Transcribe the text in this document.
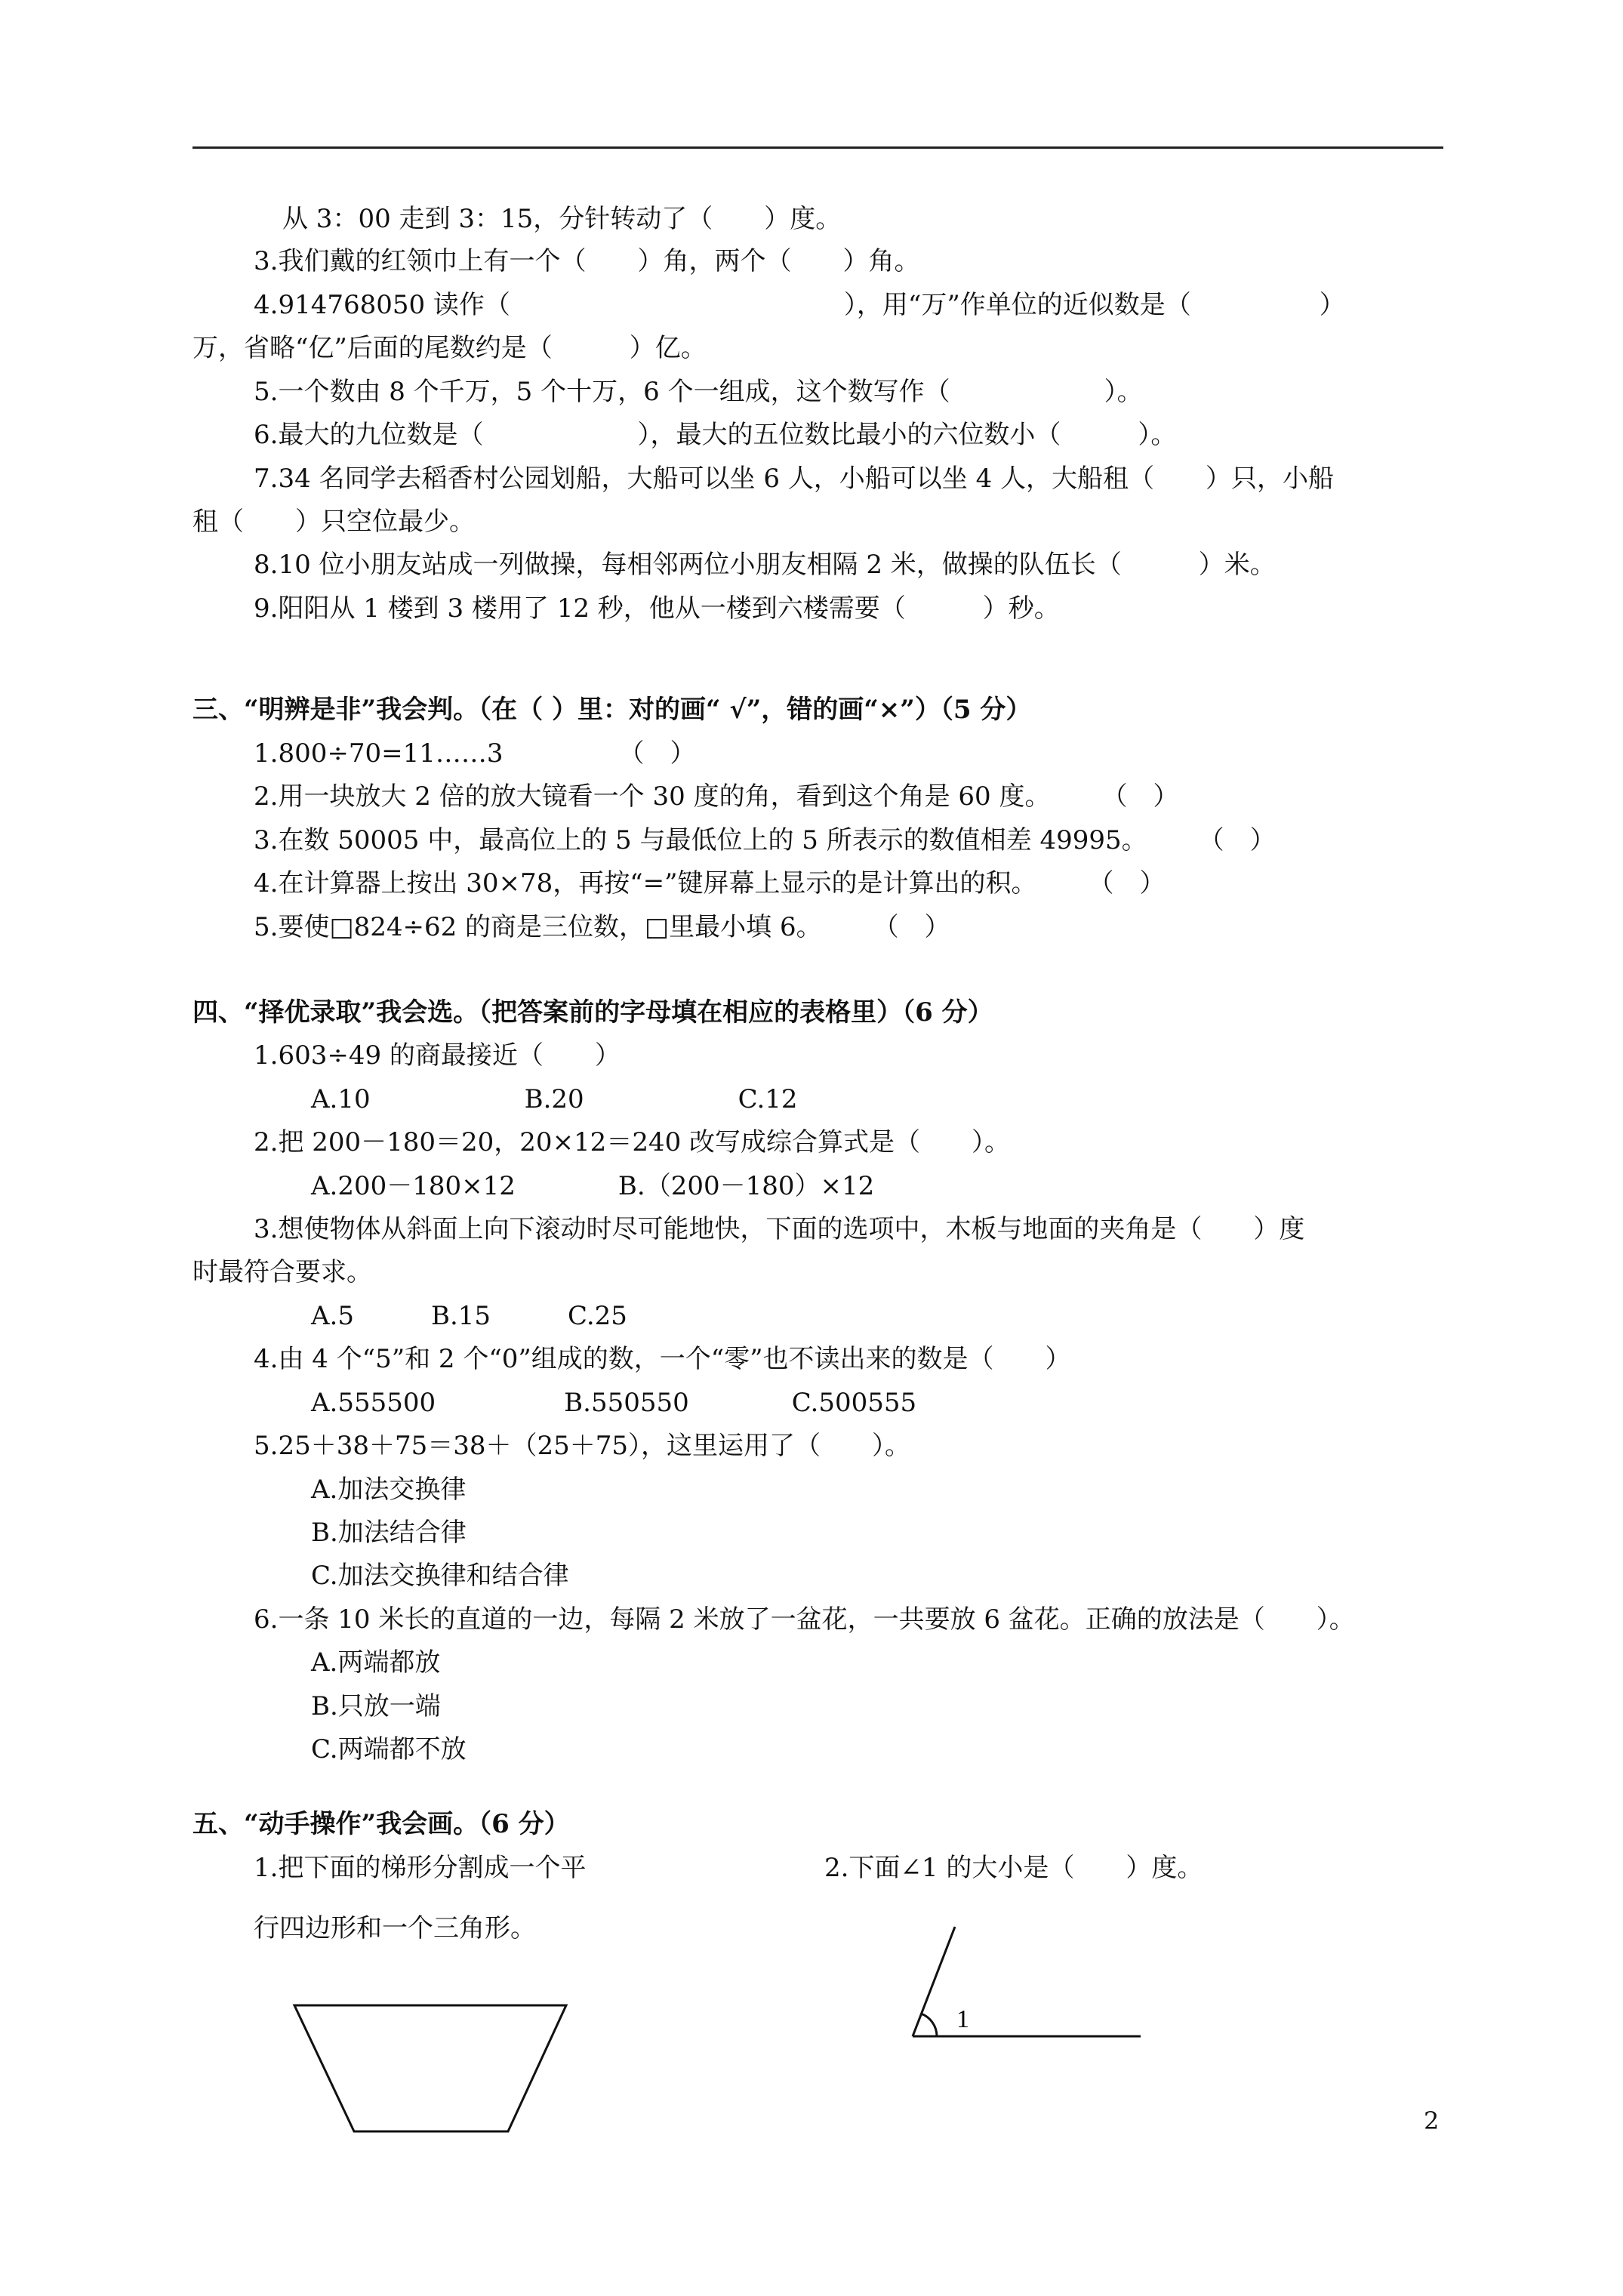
从 3：00 走到 3：15，分针转动了（　　）度。
3.我们戴的红领巾上有一个（　　）角，两个（　　）角。
4.914768050 读作（　　　　　　　　　　　　　），用“万”作单位的近似数是（　　　　　）
万，省略“亿”后面的尾数约是（　　　）亿。
5.一个数由 8 个千万，5 个十万，6 个一组成，这个数写作（　　　　　　）。
6.最大的九位数是（　　　　　　），最大的五位数比最小的六位数小（　　　）。
7.34 名同学去稻香村公园划船，大船可以坐 6 人，小船可以坐 4 人，大船租（　　）只，小船
租（　　）只空位最少。
8.10 位小朋友站成一列做操，每相邻两位小朋友相隔 2 米，做操的队伍长（　　　）米。
9.阳阳从 1 楼到 3 楼用了 12 秒，他从一楼到六楼需要（　　　）秒。
三、“明辨是非”我会判。（在（ ）里：对的画“ √”，错的画“×”）（5 分）
1.800÷70=11……3　　　　　（　）
2.用一块放大 2 倍的放大镜看一个 30 度的角，看到这个角是 60 度。　　　（　）
3.在数 50005 中，最高位上的 5 与最低位上的 5 所表示的数值相差 49995。　　　（　）
4.在计算器上按出 30×78，再按“=”键屏幕上显示的是计算出的积。　　　（　）
5.要使□824÷62 的商是三位数，□里最小填 6。　　　（　）
四、“择优录取”我会选。（把答案前的字母填在相应的表格里）（6 分）
1.603÷49 的商最接近（　　）
A.10　　　　　　B.20　　　　　　C.12
2.把 200－180＝20，20×12＝240 改写成综合算式是（　　）。
A.200－180×12　　　　B.（200－180）×12
3.想使物体从斜面上向下滚动时尽可能地快，下面的选项中，木板与地面的夹角是（　　）度
时最符合要求。
A.5　　　B.15　　　C.25
4.由 4 个“5”和 2 个“0”组成的数，一个“零”也不读出来的数是（　　）
A.555500　　　　　B.550550　　　　C.500555
5.25＋38＋75＝38＋（25＋75），这里运用了（　　）。
A.加法交换律
B.加法结合律
C.加法交换律和结合律
6.一条 10 米长的直道的一边，每隔 2 米放了一盆花，一共要放 6 盆花。正确的放法是（　　）。
A.两端都放
B.只放一端
C.两端都不放
五、“动手操作”我会画。（6 分）
1.把下面的梯形分割成一个平	2.下面∠1 的大小是（　　）度。
行四边形和一个三角形。
1
2
